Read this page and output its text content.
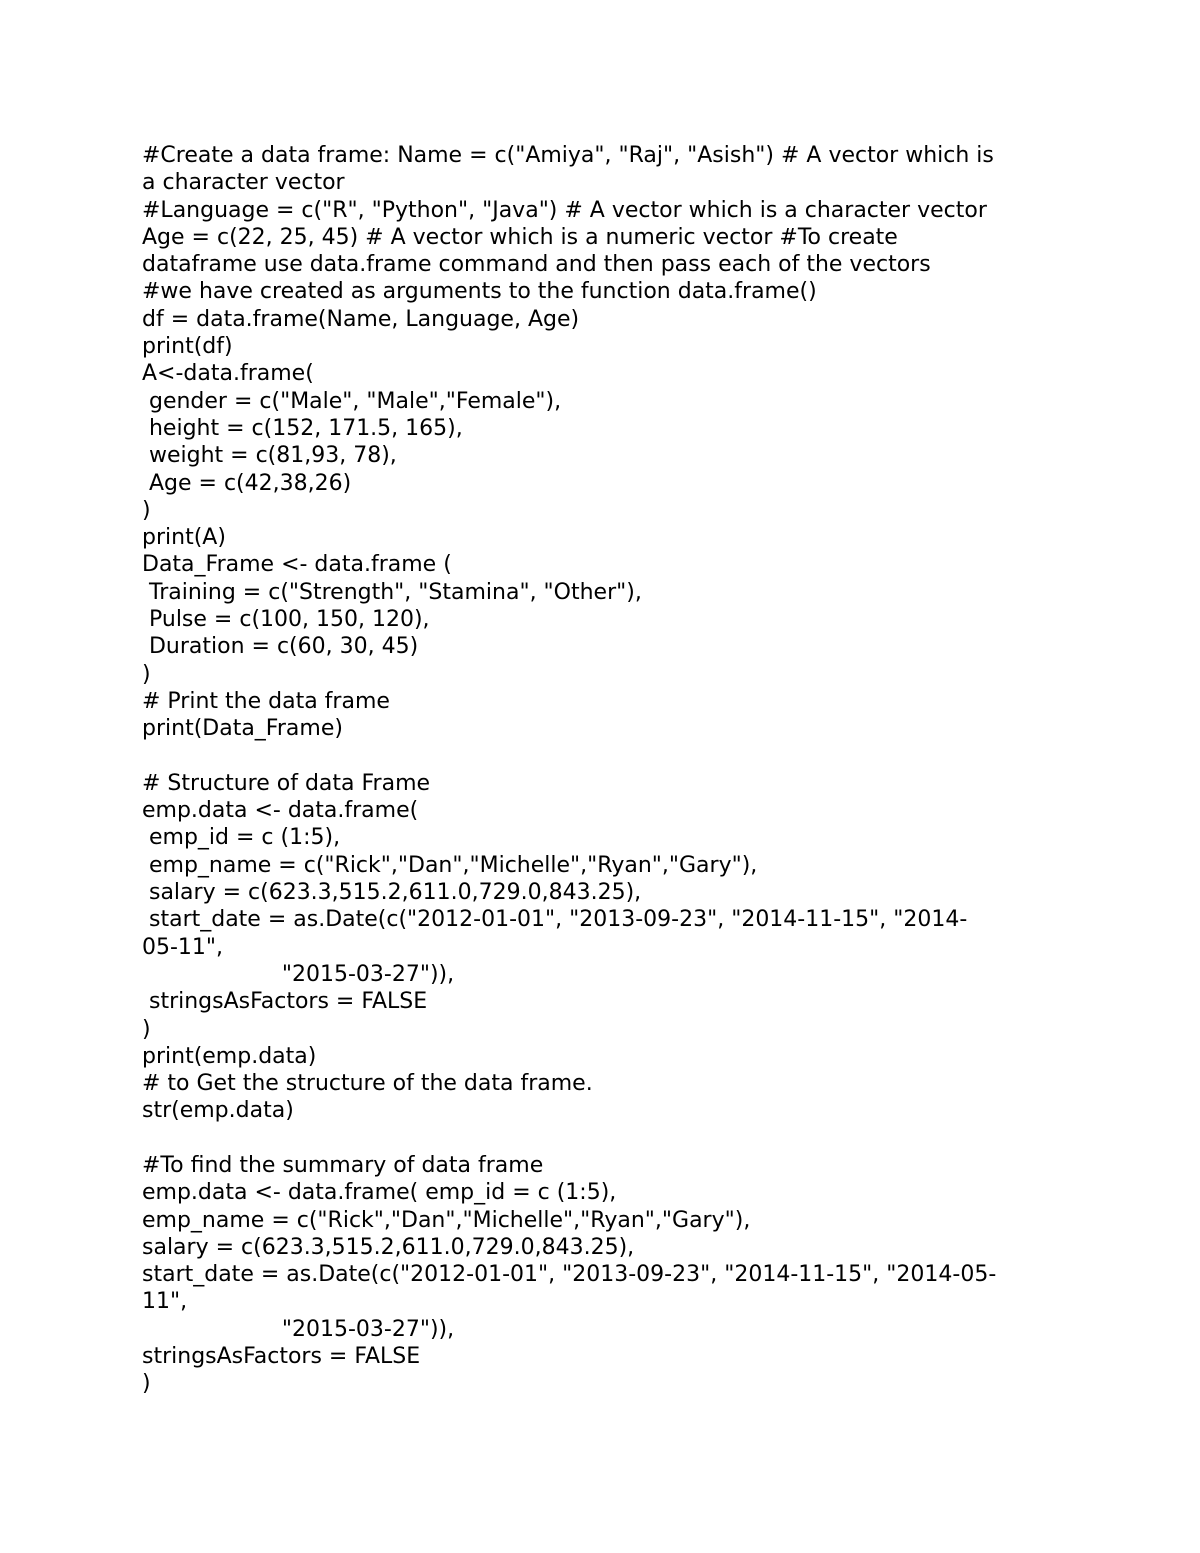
#Create a data frame: Name = c("Amiya", "Raj", "Asish") # A vector which is
a character vector
#Language = c("R", "Python", "Java") # A vector which is a character vector
Age = c(22, 25, 45) # A vector which is a numeric vector #To create
dataframe use data.frame command and then pass each of the vectors
#we have created as arguments to the function data.frame()
df = data.frame(Name, Language, Age)
print(df)
A<-data.frame(
gender = c("Male", "Male","Female"),
height = c(152, 171.5, 165),
weight = c(81,93, 78),
Age = c(42,38,26)
)
print(A)
Data_Frame <- data.frame (
Training = c("Strength", "Stamina", "Other"),
Pulse = c(100, 150, 120),
Duration = c(60, 30, 45)
)
# Print the data frame
print(Data_Frame)
# Structure of data Frame
emp.data <- data.frame(
emp_id = c (1:5),
emp_name = c("Rick","Dan","Michelle","Ryan","Gary"),
salary = c(623.3,515.2,611.0,729.0,843.25),
start_date = as.Date(c("2012-01-01", "2013-09-23", "2014-11-15", "2014-
05-11",
"2015-03-27")),
stringsAsFactors = FALSE
)
print(emp.data)
# to Get the structure of the data frame.
str(emp.data)
#To find the summary of data frame
emp.data <- data.frame( emp_id = c (1:5),
emp_name = c("Rick","Dan","Michelle","Ryan","Gary"),
salary = c(623.3,515.2,611.0,729.0,843.25),
start_date = as.Date(c("2012-01-01", "2013-09-23", "2014-11-15", "2014-05-
11",
"2015-03-27")),
stringsAsFactors = FALSE
)
